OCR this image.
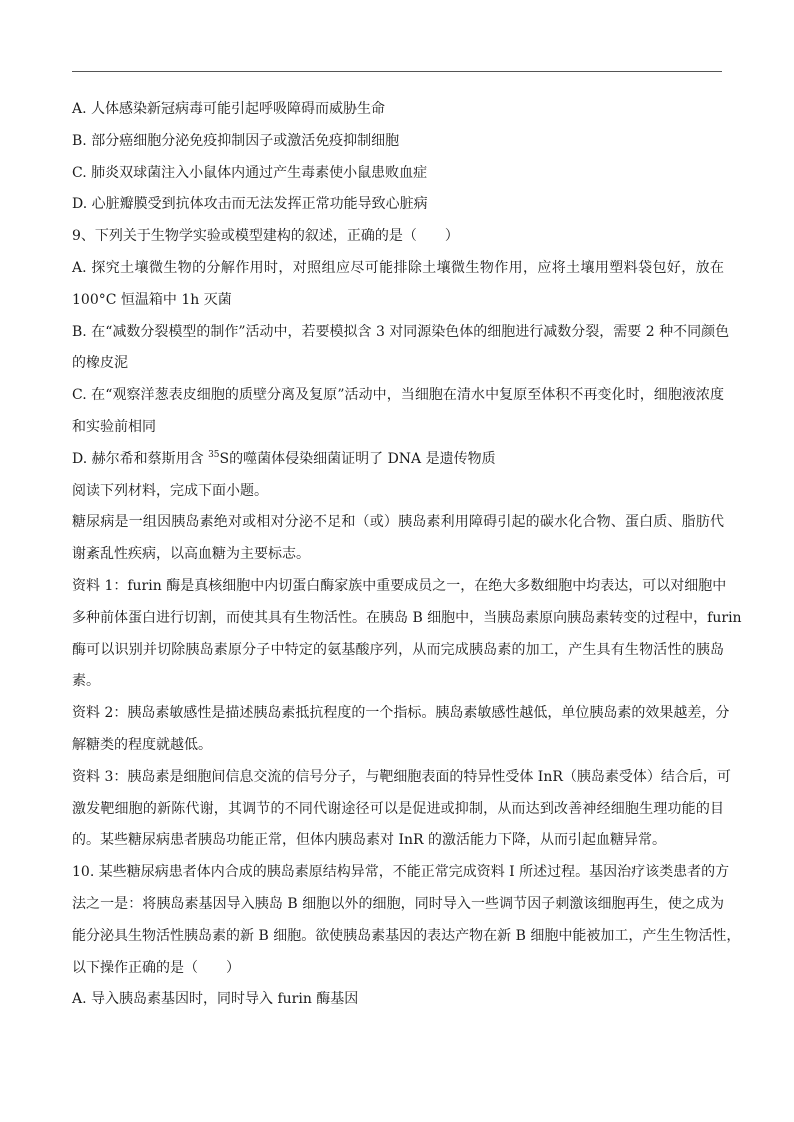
A. 人体感染新冠病毒可能引起呼吸障碍而威胁生命
B. 部分癌细胞分泌免疫抑制因子或激活免疫抑制细胞
C. 肺炎双球菌注入小鼠体内通过产生毒素使小鼠患败血症
D. 心脏瓣膜受到抗体攻击而无法发挥正常功能导致心脏病
9、下列关于生物学实验或模型建构的叙述，正确的是（　　）
A. 探究土壤微生物的分解作用时，对照组应尽可能排除土壤微生物作用，应将土壤用塑料袋包好，放在
100°C 恒温箱中 1h 灭菌
B. 在“减数分裂模型的制作”活动中，若要模拟含 3 对同源染色体的细胞进行减数分裂，需要 2 种不同颜色
的橡皮泥
C. 在“观察洋葱表皮细胞的质壁分离及复原”活动中，当细胞在清水中复原至体积不再变化时，细胞液浓度
和实验前相同
D. 赫尔希和蔡斯用含 $^{35}$S的噬菌体侵染细菌证明了 DNA 是遗传物质
阅读下列材料，完成下面小题。
糖尿病是一组因胰岛素绝对或相对分泌不足和（或）胰岛素利用障碍引起的碳水化合物、蛋白质、脂肪代
谢紊乱性疾病，以高血糖为主要标志。
资料 1：furin 酶是真核细胞中内切蛋白酶家族中重要成员之一，在绝大多数细胞中均表达，可以对细胞中
多种前体蛋白进行切割，而使其具有生物活性。在胰岛 B 细胞中，当胰岛素原向胰岛素转变的过程中，furin
酶可以识别并切除胰岛素原分子中特定的氨基酸序列，从而完成胰岛素的加工，产生具有生物活性的胰岛
素。
资料 2：胰岛素敏感性是描述胰岛素抵抗程度的一个指标。胰岛素敏感性越低，单位胰岛素的效果越差，分
解糖类的程度就越低。
资料 3：胰岛素是细胞间信息交流的信号分子，与靶细胞表面的特异性受体 InR（胰岛素受体）结合后，可
激发靶细胞的新陈代谢，其调节的不同代谢途径可以是促进或抑制，从而达到改善神经细胞生理功能的目
的。某些糖尿病患者胰岛功能正常，但体内胰岛素对 InR 的激活能力下降，从而引起血糖异常。
10. 某些糖尿病患者体内合成的胰岛素原结构异常，不能正常完成资料 I 所述过程。基因治疗该类患者的方
法之一是：将胰岛素基因导入胰岛 B 细胞以外的细胞，同时导入一些调节因子刺激该细胞再生，使之成为
能分泌具生物活性胰岛素的新 B 细胞。欲使胰岛素基因的表达产物在新 B 细胞中能被加工，产生生物活性，
以下操作正确的是（　　）
A. 导入胰岛素基因时，同时导入 furin 酶基因
